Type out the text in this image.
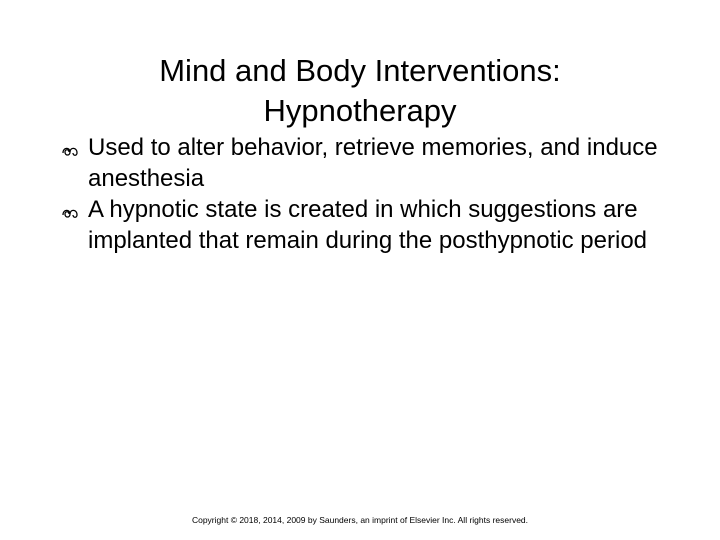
Mind and Body Interventions:
Hypnotherapy
Used to alter behavior, retrieve memories, and induce anesthesia
A hypnotic state is created in which suggestions are implanted that remain during the posthypnotic period
Copyright © 2018, 2014, 2009 by Saunders, an imprint of Elsevier Inc. All rights reserved.
